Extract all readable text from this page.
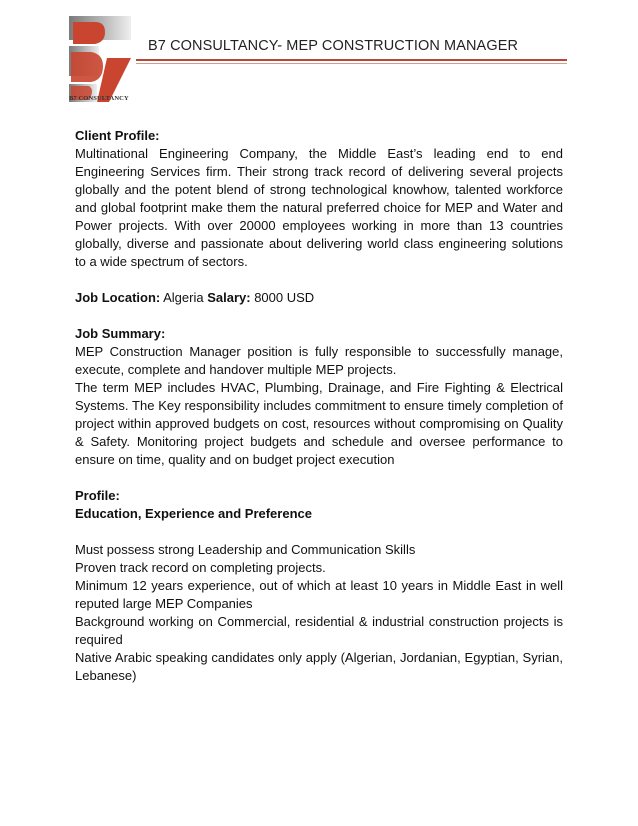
B7 CONSULTANCY
B7 CONSULTANCY- MEP CONSTRUCTION MANAGER

Client Profile:

Multinational Engineering Company, the Middle East’s leading end to end Engineering Services firm. Their strong track record of delivering several projects globally and the potent blend of strong technological knowhow, talented workforce and global footprint make them the natural preferred choice for MEP and Water and Power projects. With over 20000 employees working in more than 13 countries globally, diverse and passionate about delivering world class engineering solutions to a wide spectrum of sectors.

Job Location: Algeria Salary: 8000 USD

Job Summary:

MEP Construction Manager position is fully responsible to successfully manage, execute, complete and handover multiple MEP projects.

The term MEP includes HVAC, Plumbing, Drainage, and Fire Fighting & Electrical Systems. The Key responsibility includes commitment to ensure timely completion of project within approved budgets on cost, resources without compromising on Quality & Safety. Monitoring project budgets and schedule and oversee performance to ensure on time, quality and on budget project execution

Profile:

Education, Experience and Preference

Must possess strong Leadership and Communication Skills

Proven track record on completing projects.

Minimum 12 years experience, out of which at least 10 years in Middle East in well reputed large MEP Companies

Background working on Commercial, residential & industrial construction projects is required

Native Arabic speaking candidates only apply (Algerian, Jordanian, Egyptian, Syrian, Lebanese)
